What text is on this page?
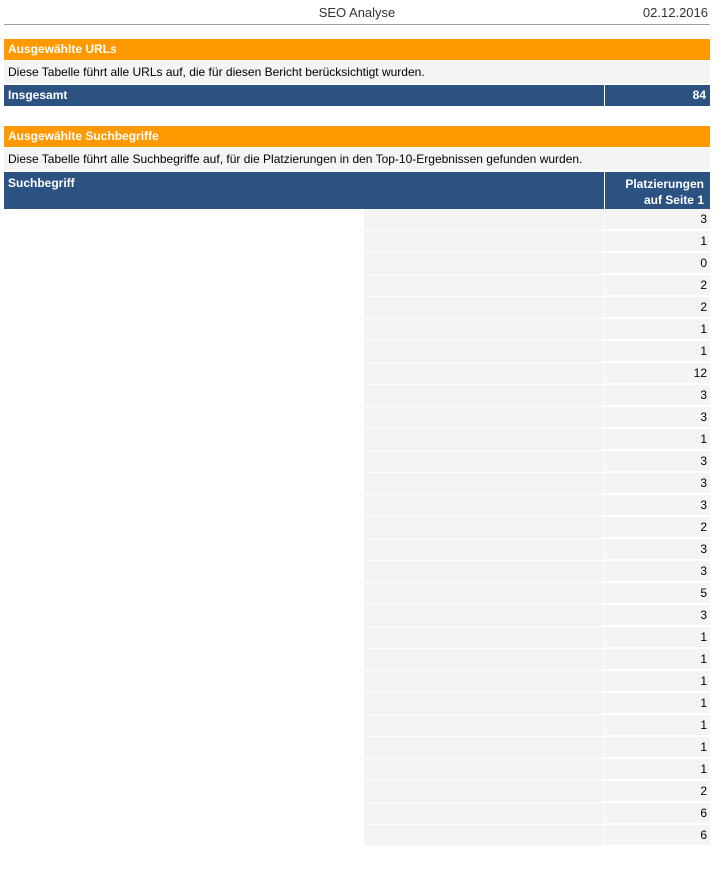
SEO Analyse	02.12.2016
Ausgewählte URLs
Diese Tabelle führt alle URLs auf, die für diesen Bericht berücksichtigt wurden.
Insgesamt	84
Ausgewählte Suchbegriffe
Diese Tabelle führt alle Suchbegriffe auf, für die Platzierungen in den Top-10-Ergebnissen gefunden wurden.
Suchbegriff	Platzierungen
auf Seite 1
3
1
0
2
2
1
1
12
3
3
1
3
3
3
2
3
3
5
3
1
1
1
1
1
1
1
2
6
6
